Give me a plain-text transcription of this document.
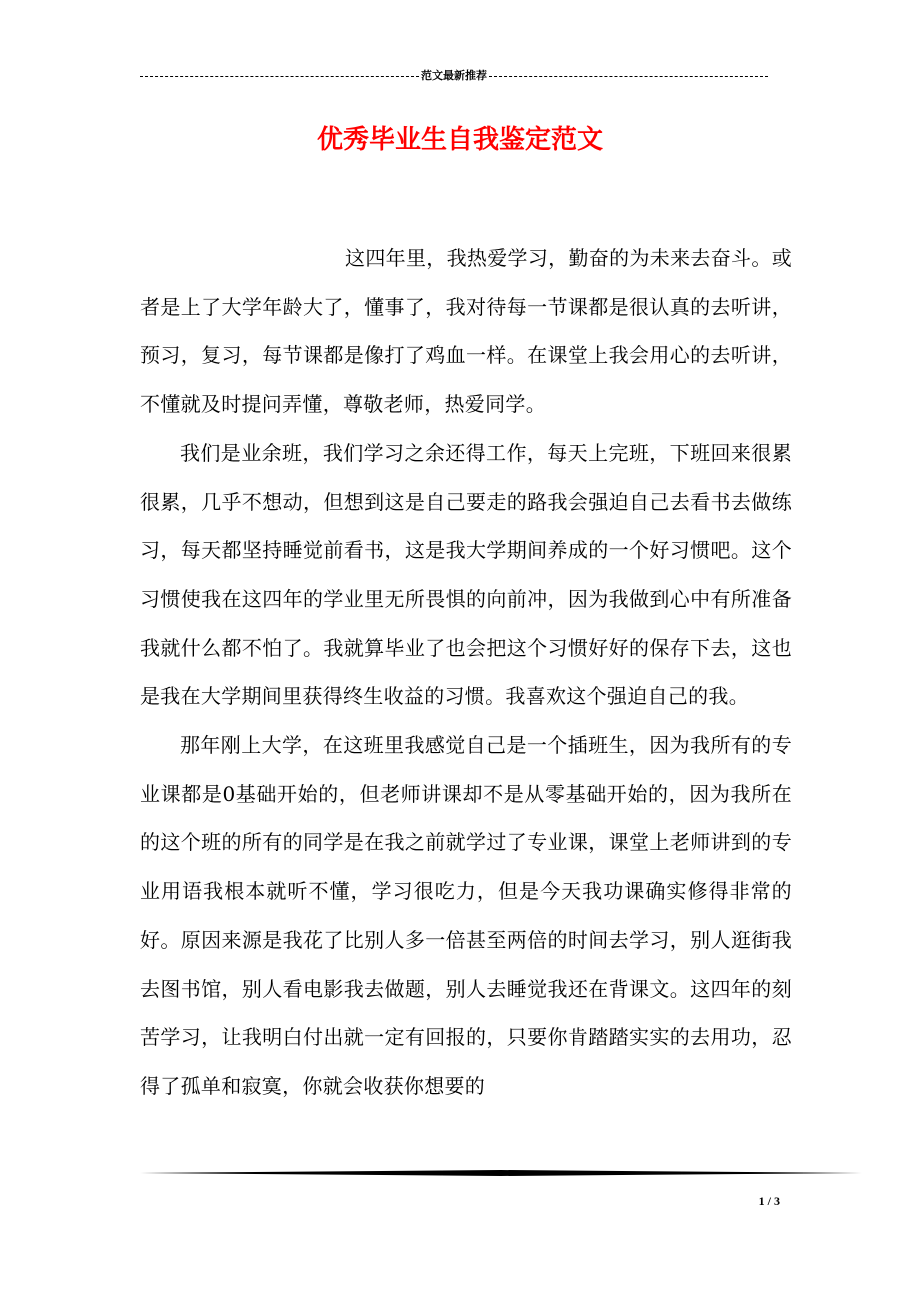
范文最新推荐
优秀毕业生自我鉴定范文

这四年里，我热爱学习，勤奋的为未来去奋斗。或者是上了大学年龄大了，懂事了，我对待每一节课都是很认真的去听讲，预习，复习，每节课都是像打了鸡血一样。在课堂上我会用心的去听讲，不懂就及时提问弄懂，尊敬老师，热爱同学。

我们是业余班，我们学习之余还得工作，每天上完班，下班回来很累很累，几乎不想动，但想到这是自己要走的路我会强迫自己去看书去做练习，每天都坚持睡觉前看书，这是我大学期间养成的一个好习惯吧。这个习惯使我在这四年的学业里无所畏惧的向前冲，因为我做到心中有所准备我就什么都不怕了。我就算毕业了也会把这个习惯好好的保存下去，这也是我在大学期间里获得终生收益的习惯。我喜欢这个强迫自己的我。

那年刚上大学，在这班里我感觉自己是一个插班生，因为我所有的专业课都是0基础开始的，但老师讲课却不是从零基础开始的，因为我所在的这个班的所有的同学是在我之前就学过了专业课，课堂上老师讲到的专业用语我根本就听不懂，学习很吃力，但是今天我功课确实修得非常的好。原因来源是我花了比别人多一倍甚至两倍的时间去学习，别人逛街我去图书馆，别人看电影我去做题，别人去睡觉我还在背课文。这四年的刻苦学习，让我明白付出就一定有回报的，只要你肯踏踏实实的去用功，忍得了孤单和寂寞，你就会收获你想要的

1 / 3
